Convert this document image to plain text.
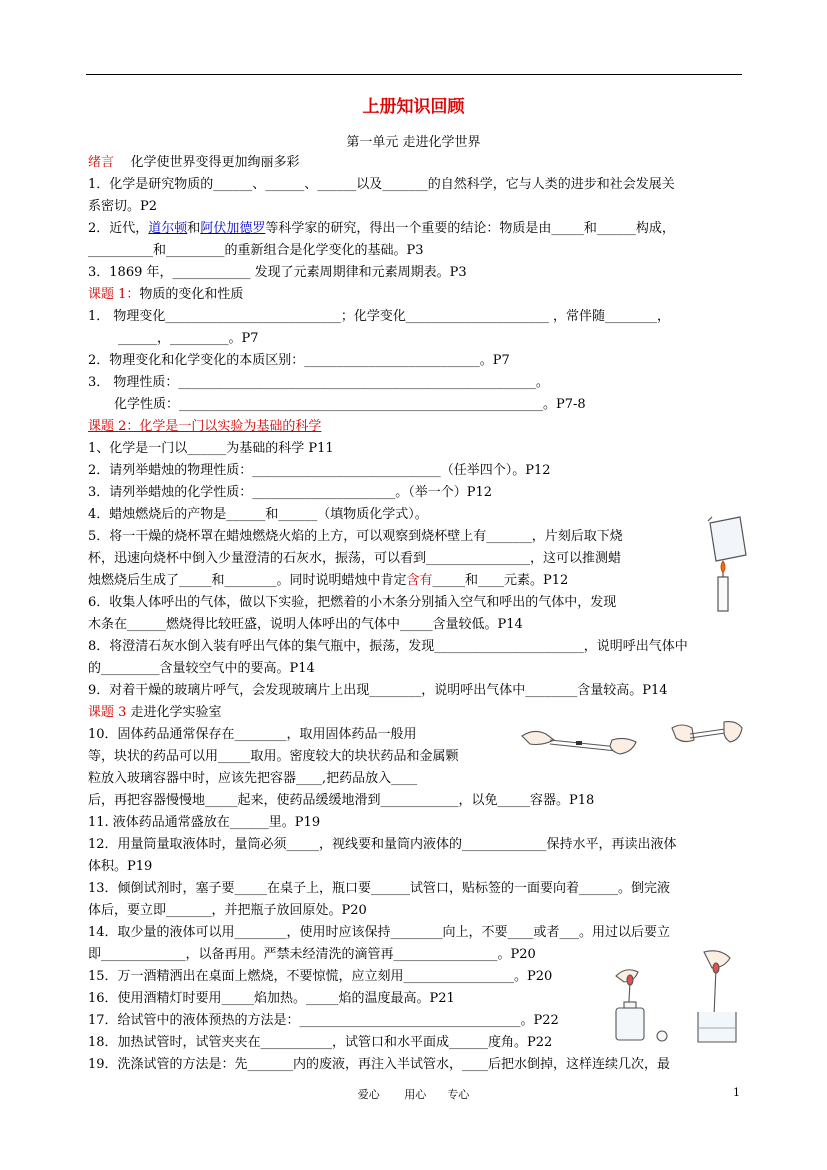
上册知识回顾
第一单元 走进化学世界
绪言 化学使世界变得更加绚丽多彩
1．化学是研究物质的______、______、______以及_______的自然科学，它与人类的进步和社会发展关
系密切。P2
2．近代，道尔顿和阿伏加德罗等科学家的研究，得出一个重要的结论：物质是由_____和______构成，
__________和_________的重新组合是化学变化的基础。P3
3．1869 年，____________ 发现了元素周期律和元素周期表。P3
课题 1：物质的变化和性质
1． 物理变化___________________________；化学变化______________________ ，常伴随________，
______，_________。P7
2．物理变化和化学变化的本质区别：___________________________。P7
3． 物理性质：_______________________________________________________。
化学性质：________________________________________________________。P7-8
课题 2：化学是一门以实验为基础的科学
1、化学是一门以______为基础的科学 P11
2．请列举蜡烛的物理性质：_____________________________（任举四个）。P12
3．请列举蜡烛的化学性质：______________________。（举一个）P12
4．蜡烛燃烧后的产物是______和______（填物质化学式）。
5．将一干燥的烧杯罩在蜡烛燃烧火焰的上方，可以观察到烧杯壁上有_______，片刻后取下烧
杯，迅速向烧杯中倒入少量澄清的石灰水，振荡，可以看到________________，这可以推测蜡
烛燃烧后生成了_____和________。同时说明蜡烛中肯定含有_____和____元素。P12
6．收集人体呼出的气体，做以下实验，把燃着的小木条分别插入空气和呼出的气体中，发现
木条在______燃烧得比较旺盛，说明人体呼出的气体中_____含量较低。P14
8．将澄清石灰水倒入装有呼出气体的集气瓶中，振荡，发现_______________________，说明呼出气体中
的_________含量较空气中的要高。P14
9．对着干燥的玻璃片呼气，会发现玻璃片上出现________，说明呼出气体中________含量较高。P14
课题 3 走进化学实验室
10．固体药品通常保存在________，取用固体药品一般用
等，块状的药品可以用_____取用。密度较大的块状药品和金属颗
粒放入玻璃容器中时，应该先把容器____,把药品放入____
后，再把容器慢慢地_____起来，使药品缓缓地滑到____________，以免_____容器。P18
11. 液体药品通常盛放在______里。P19
12．用量筒量取液体时，量筒必须_____，视线要和量筒内液体的_____________保持水平，再读出液体
体积。P19
13．倾倒试剂时，塞子要_____在桌子上，瓶口要______试管口，贴标签的一面要向着______。倒完液
体后，要立即_______，并把瓶子放回原处。P20
14．取少量的液体可以用________，使用时应该保持________向上，不要____或者___。用过以后要立
即_____________，以备再用。严禁未经清洗的滴管再________________。P20
15．万一酒精洒出在桌面上燃烧，不要惊慌，应立刻用_________________。P20
16．使用酒精灯时要用_____焰加热。_____焰的温度最高。P21
17．给试管中的液体预热的方法是：__________________________________。P22
18．加热试管时，试管夹夹在___________，试管口和水平面成______度角。P22
19．洗涤试管的方法是：先_______内的废液，再注入半试管水，____后把水倒掉，这样连续几次，最
爱心 用心 专心	1
